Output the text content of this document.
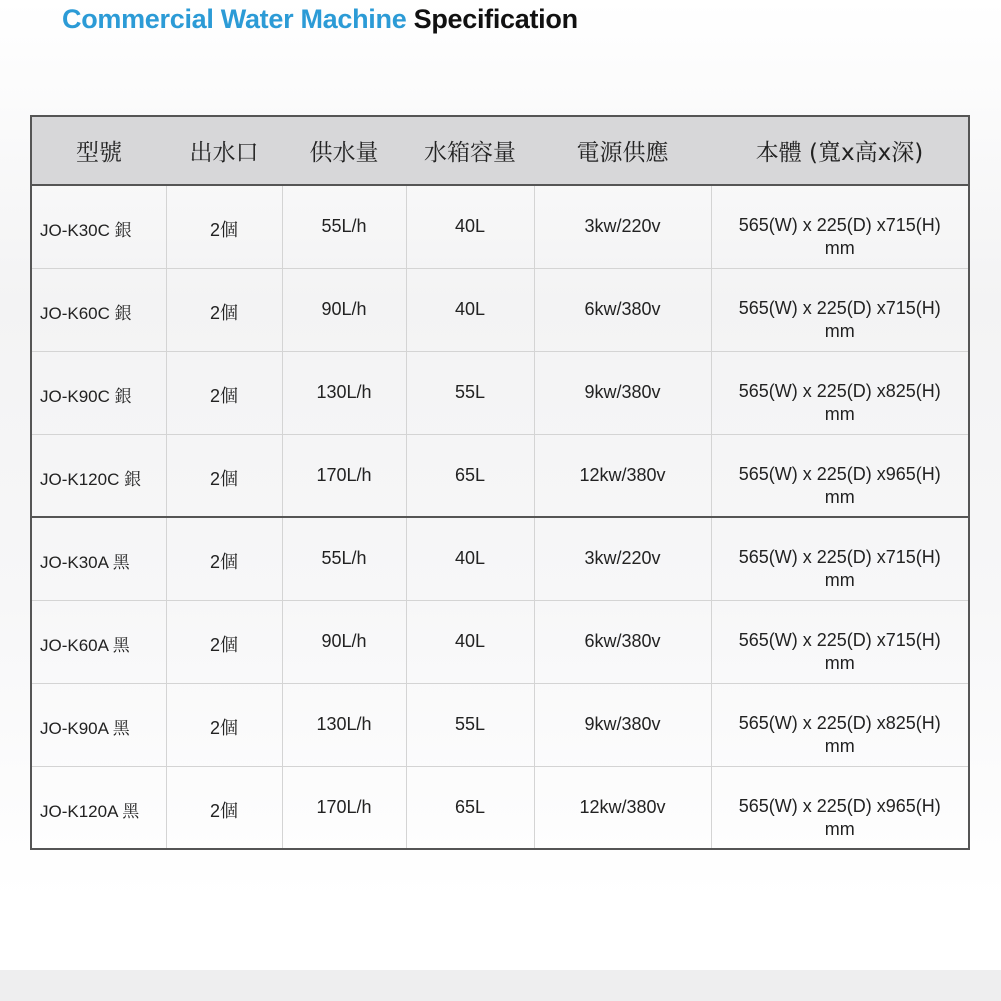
Commercial Water Machine Specification
型號	出水口	供水量	水箱容量	電源供應	本體 (寬x高x深)
JO-K30C 銀	2個	55L/h	40L	3kw/220v	565(W) x 225(D) x715(H)
mm
JO-K60C 銀	2個	90L/h	40L	6kw/380v	565(W) x 225(D) x715(H)
mm
JO-K90C 銀	2個	130L/h	55L	9kw/380v	565(W) x 225(D) x825(H)
mm
JO-K120C 銀	2個	170L/h	65L	12kw/380v	565(W) x 225(D) x965(H)
mm
JO-K30A 黑	2個	55L/h	40L	3kw/220v	565(W) x 225(D) x715(H)
mm
JO-K60A 黑	2個	90L/h	40L	6kw/380v	565(W) x 225(D) x715(H)
mm
JO-K90A 黑	2個	130L/h	55L	9kw/380v	565(W) x 225(D) x825(H)
mm
JO-K120A 黑	2個	170L/h	65L	12kw/380v	565(W) x 225(D) x965(H)
mm
